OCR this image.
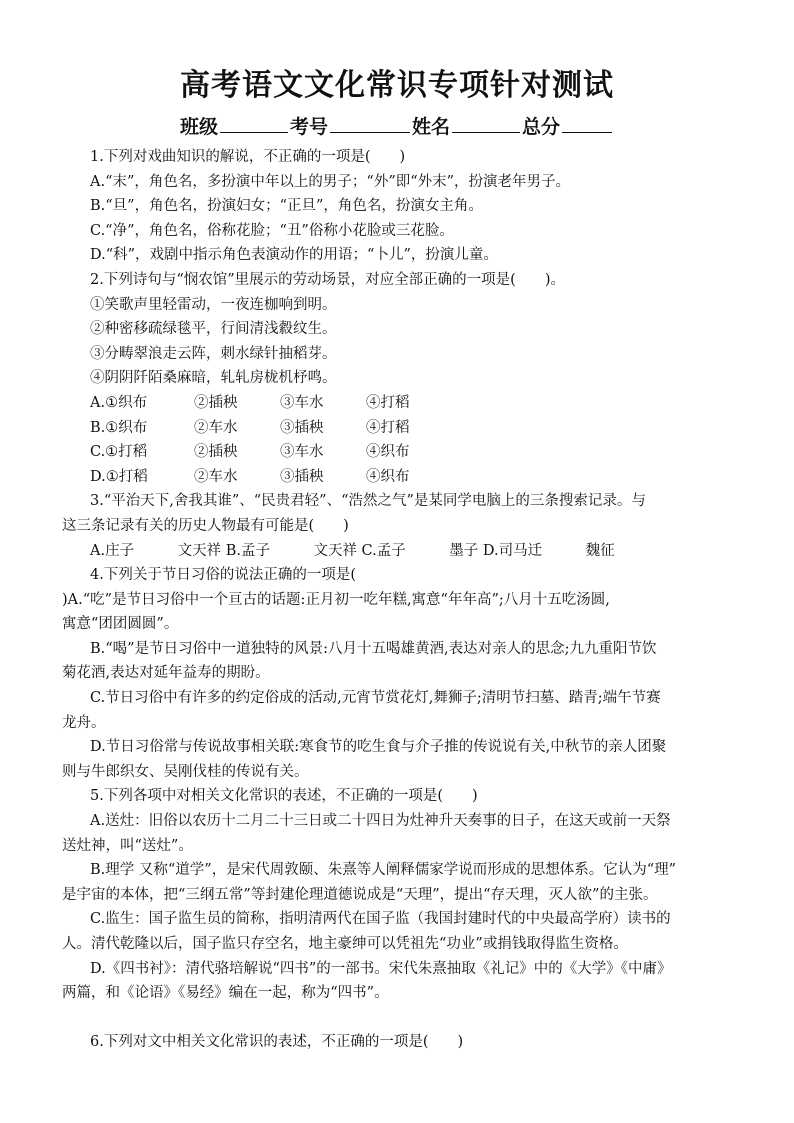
高考语文文化常识专项针对测试
班级	考号	姓名	总分
1.下列对戏曲知识的解说，不正确的一项是(　　)
A.“末”，角色名，多扮演中年以上的男子；“外”即“外末”，扮演老年男子。
B.“旦”，角色名，扮演妇女；“正旦”，角色名，扮演女主角。
C.“净”，角色名，俗称花脸；“丑”俗称小花脸或三花脸。
D.“科”，戏剧中指示角色表演动作的用语；“卜儿”，扮演儿童。
2.下列诗句与“悯农馆”里展示的劳动场景，对应全部正确的一项是(　　)。
①笑歌声里轻雷动，一夜连枷响到明。
②种密移疏绿毯平，行间清浅縠纹生。
③分畴翠浪走云阵，刺水绿针抽稻芽。
④阴阴阡陌桑麻暗，轧轧房栊机杼鸣。
A.①织布	②插秧	③车水	④打稻
B.①织布	②车水	③插秧	④打稻
C.①打稻	②插秧	③车水	④织布
D.①打稻	②车水	③插秧	④织布
3.“平治天下,舍我其谁”、“民贵君轻”、“浩然之气”是某同学电脑上的三条搜索记录。与
这三条记录有关的历史人物最有可能是(　　)
A.庄子　　　文天祥 B.孟子　　　文天祥 C.孟子　　　墨子 D.司马迁　　　魏征
4.下列关于节日习俗的说法正确的一项是(
)A.“吃”是节日习俗中一个亘古的话题:正月初一吃年糕,寓意“年年高”;八月十五吃汤圆,
寓意“团团圆圆”。
B.“喝”是节日习俗中一道独特的风景:八月十五喝雄黄酒,表达对亲人的思念;九九重阳节饮
菊花酒,表达对延年益寿的期盼。
C.节日习俗中有许多的约定俗成的活动,元宵节赏花灯,舞狮子;清明节扫墓、踏青;端午节赛
龙舟。
D.节日习俗常与传说故事相关联:寒食节的吃生食与介子推的传说说有关,中秋节的亲人团聚
则与牛郎织女、吴刚伐桂的传说有关。
5.下列各项中对相关文化常识的表述，不正确的一项是(　　)
A.送灶：旧俗以农历十二月二十三日或二十四日为灶神升天奏事的日子，在这天或前一天祭
送灶神，叫“送灶”。
B.理学 又称“道学”，是宋代周敦颐、朱熹等人阐释儒家学说而形成的思想体系。它认为“理”
是宇宙的本体，把“三纲五常”等封建伦理道德说成是“天理”，提出“存天理，灭人欲”的主张。
C.监生：国子监生员的简称，指明清两代在国子监（我国封建时代的中央最高学府）读书的
人。清代乾隆以后，国子监只存空名，地主豪绅可以凭祖先“功业”或捐钱取得监生资格。
D.《四书衬》：清代骆培解说“四书”的一部书。宋代朱熹抽取《礼记》中的《大学》《中庸》
两篇，和《论语》《易经》编在一起，称为“四书”。
6.下列对文中相关文化常识的表述，不正确的一项是(　　)
